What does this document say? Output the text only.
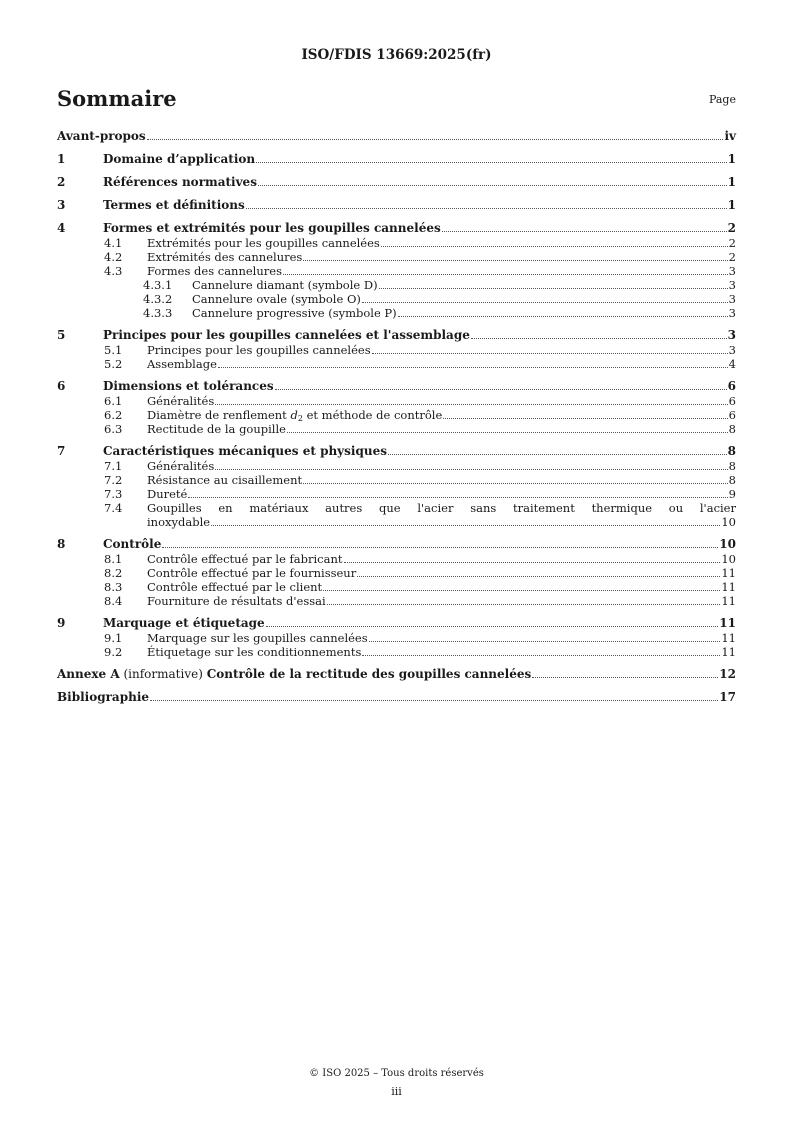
ISO/FDIS 13669:2025(fr)
Sommaire	Page
Avant-propos	iv
1	Domaine d’application	1
2	Références normatives	1
3	Termes et définitions	1
4	Formes et extrémités pour les goupilles cannelées	2
4.1 Extrémités pour les goupilles cannelées	2
4.2 Extrémités des cannelures	2
4.3 Formes des cannelures	3
4.3.1 Cannelure diamant (symbole D)	3
4.3.2 Cannelure ovale (symbole O)	3
4.3.3 Cannelure progressive (symbole P)	3
5	Principes pour les goupilles cannelées et l'assemblage	3
5.1 Principes pour les goupilles cannelées	3
5.2 Assemblage	4
6	Dimensions et tolérances	6
6.1 Généralités	6
6.2 Diamètre de renflement $d_2$ et méthode de contrôle	6
6.3 Rectitude de la goupille	8
7	Caractéristiques mécaniques et physiques	8
7.1 Généralités	8
7.2 Résistance au cisaillement	8
7.3 Dureté	9
7.4 Goupilles en matériaux autres que l'acier sans traitement thermique ou l'acier
inoxydable	10
8	Contrôle	10
8.1 Contrôle effectué par le fabricant	10
8.2 Contrôle effectué par le fournisseur	11
8.3 Contrôle effectué par le client	11
8.4 Fourniture de résultats d'essai	11
9	Marquage et étiquetage	11
9.1 Marquage sur les goupilles cannelées	11
9.2 Étiquetage sur les conditionnements	11
Annexe A (informative) Contrôle de la rectitude des goupilles cannelées	12
Bibliographie	17
© ISO 2025 – Tous droits réservés
iii
